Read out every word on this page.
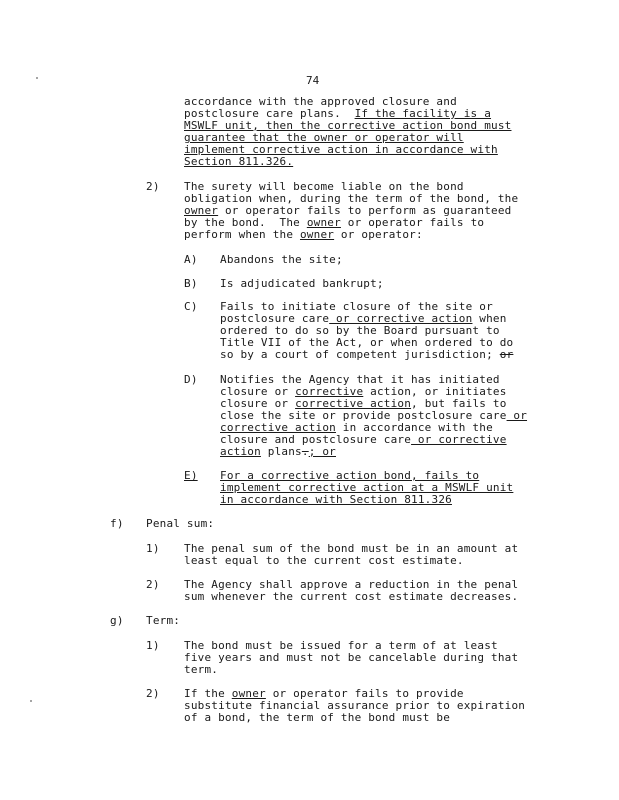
74
accordance with the approved closure and
postclosure care plans.  If the facility is a
MSWLF unit, then the corrective action bond must
guarantee that the owner or operator will
implement corrective action in accordance with
Section 811.326.
2) The surety will become liable on the bond
obligation when, during the term of the bond, the
owner or operator fails to perform as guaranteed
by the bond.  The owner or operator fails to
perform when the owner or operator:
A) Abandons the site;
B) Is adjudicated bankrupt;
C) Fails to initiate closure of the site or
postclosure care or corrective action when
ordered to do so by the Board pursuant to
Title VII of the Act, or when ordered to do
so by a court of competent jurisdiction; or
D) Notifies the Agency that it has initiated
closure or corrective action, or initiates
closure or corrective action, but fails to
close the site or provide postclosure care or
corrective action in accordance with the
closure and postclosure care or corrective
action plans.; or
E) For a corrective action bond, fails to
implement corrective action at a MSWLF unit
in accordance with Section 811.326
f) Penal sum:
1) The penal sum of the bond must be in an amount at
least equal to the current cost estimate.
2) The Agency shall approve a reduction in the penal
sum whenever the current cost estimate decreases.
g) Term:
1) The bond must be issued for a term of at least
five years and must not be cancelable during that
term.
2) If the owner or operator fails to provide
substitute financial assurance prior to expiration
of a bond, the term of the bond must be
